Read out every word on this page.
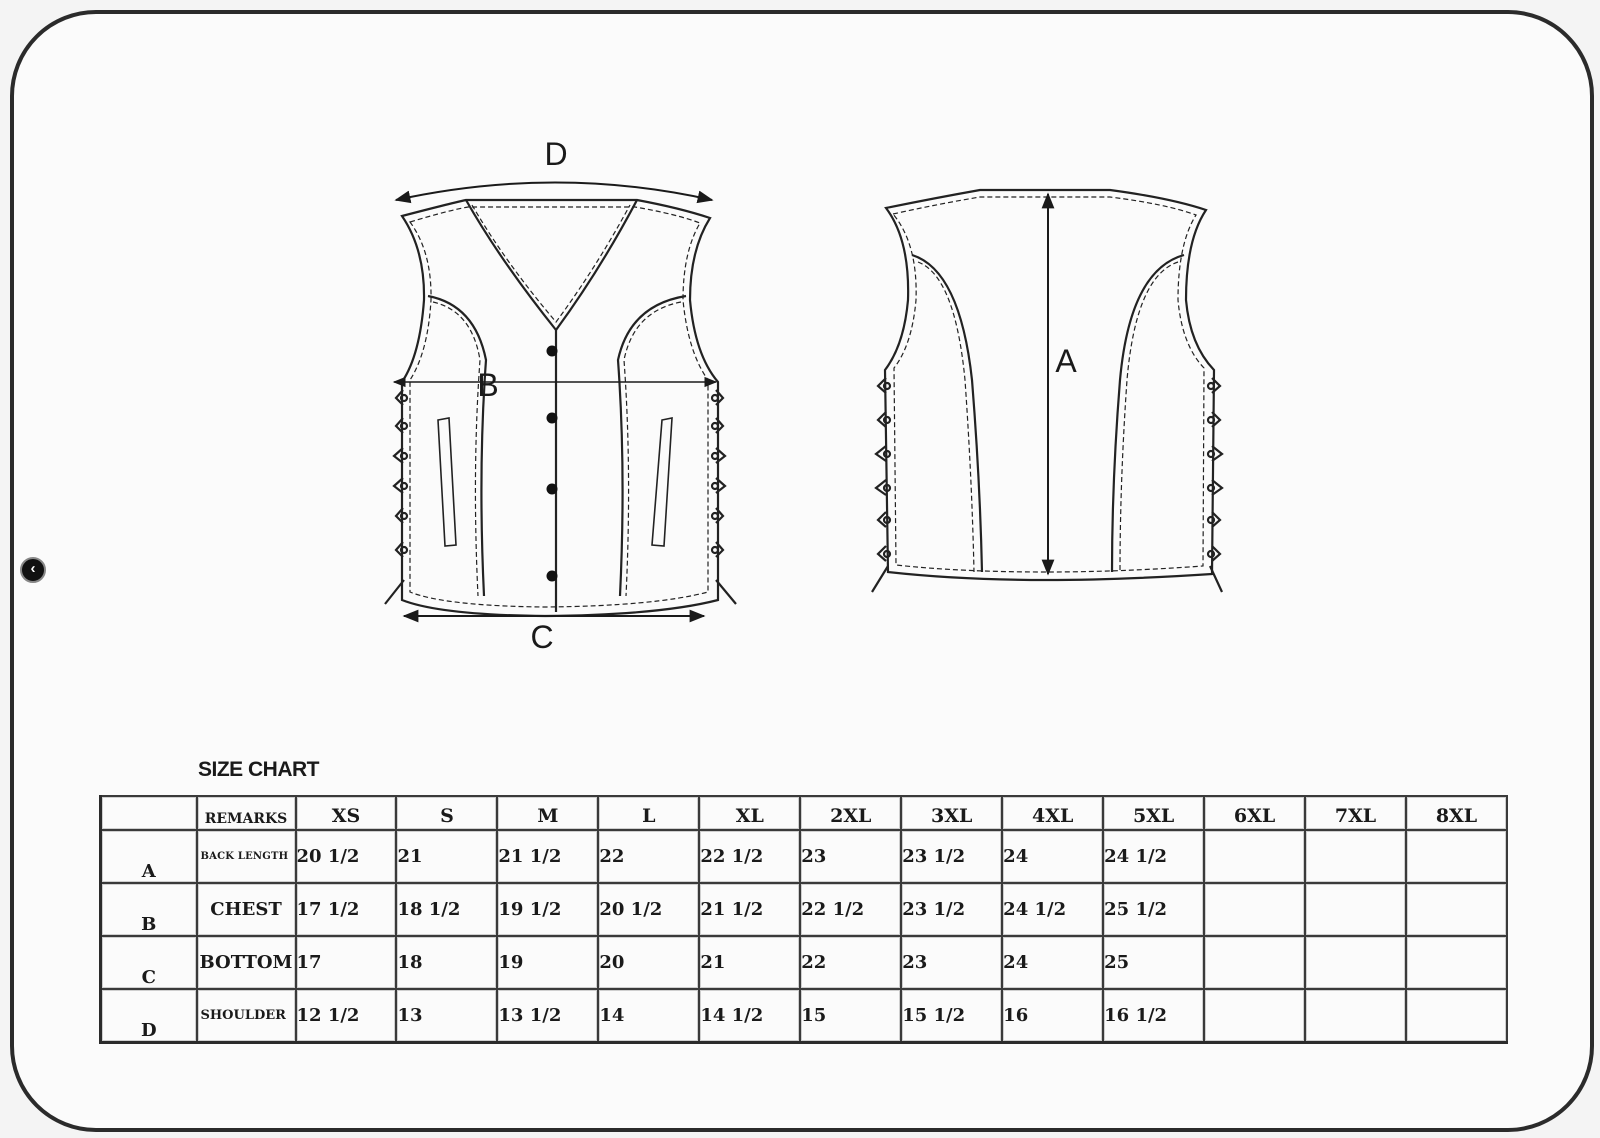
‹
D
B
C
A
SIZE CHART
	REMARKS	XS	S	M	L	XL	2XL	3XL	4XL	5XL	6XL	7XL	8XL
A	BACK LENGTH	20 1/2	21	21 1/2	22	22 1/2	23	23 1/2	24	24 1/2			
B	CHEST	17 1/2	18 1/2	19 1/2	20 1/2	21 1/2	22 1/2	23 1/2	24 1/2	25 1/2			
C	BOTTOM	17	18	19	20	21	22	23	24	25			
D	SHOULDER	12 1/2	13	13 1/2	14	14 1/2	15	15 1/2	16	16 1/2			
